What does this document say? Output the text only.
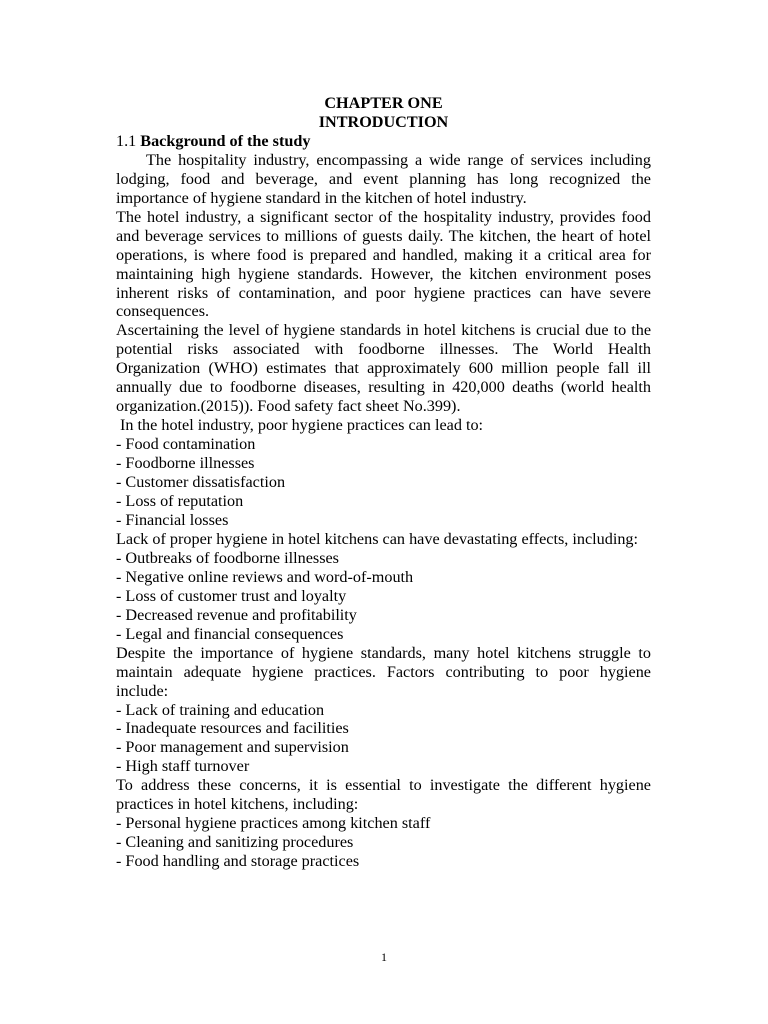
CHAPTER ONE
INTRODUCTION
1.1 Background of the study

The hospitality industry, encompassing a wide range of services including lodging, food and beverage, and event planning has long recognized the importance of hygiene standard in the kitchen of hotel industry.

The hotel industry, a significant sector of the hospitality industry, provides food and beverage services to millions of guests daily. The kitchen, the heart of hotel operations, is where food is prepared and handled, making it a critical area for maintaining high hygiene standards. However, the kitchen environment poses inherent risks of contamination, and poor hygiene practices can have severe consequences.

Ascertaining the level of hygiene standards in hotel kitchens is crucial due to the potential risks associated with foodborne illnesses. The World Health Organization (WHO) estimates that approximately 600 million people fall ill annually due to foodborne diseases, resulting in 420,000 deaths (world health organization.(2015)). Food safety fact sheet No.399).

In the hotel industry, poor hygiene practices can lead to:

- Food contamination

- Foodborne illnesses

- Customer dissatisfaction

- Loss of reputation

- Financial losses

Lack of proper hygiene in hotel kitchens can have devastating effects, including:

- Outbreaks of foodborne illnesses

- Negative online reviews and word-of-mouth

- Loss of customer trust and loyalty

- Decreased revenue and profitability

- Legal and financial consequences

Despite the importance of hygiene standards, many hotel kitchens struggle to maintain adequate hygiene practices. Factors contributing to poor hygiene include:

- Lack of training and education

- Inadequate resources and facilities

- Poor management and supervision

- High staff turnover

To address these concerns, it is essential to investigate the different hygiene practices in hotel kitchens, including:

- Personal hygiene practices among kitchen staff

- Cleaning and sanitizing procedures

- Food handling and storage practices

1
